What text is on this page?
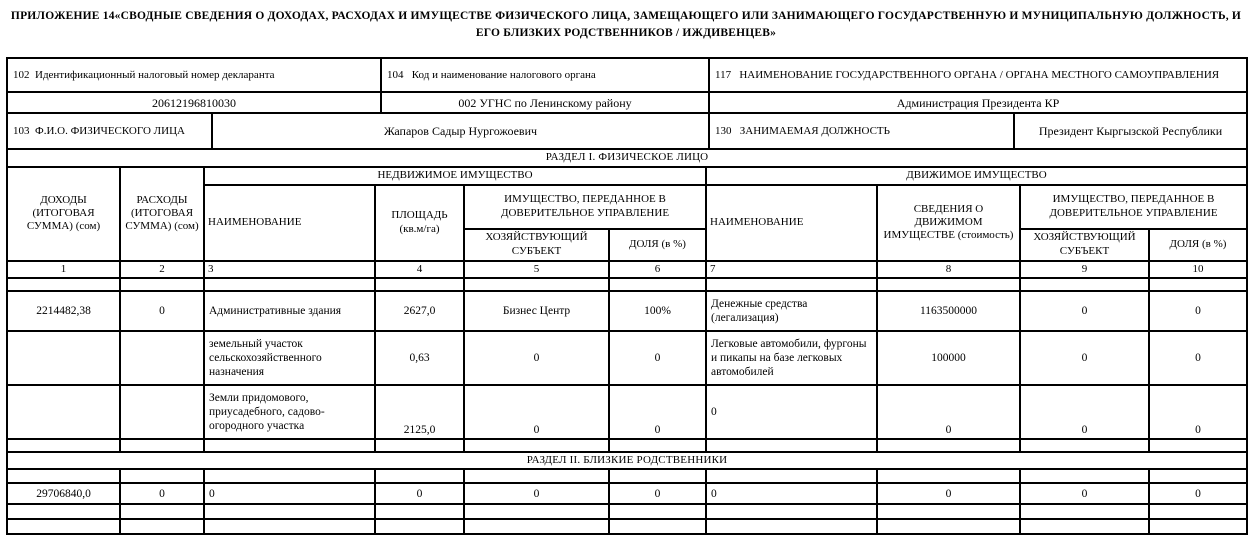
ПРИЛОЖЕНИЕ 14«СВОДНЫЕ СВЕДЕНИЯ О ДОХОДАХ, РАСХОДАХ И ИМУЩЕСТВЕ ФИЗИЧЕСКОГО ЛИЦА, ЗАМЕЩАЮЩЕГО ИЛИ ЗАНИМАЮЩЕГО ГОСУДАРСТВЕННУЮ И МУНИЦИПАЛЬНУЮ ДОЛЖНОСТЬ, И ЕГО БЛИЗКИХ РОДСТВЕННИКОВ / ИЖДИВЕНЦЕВ»
102  Идентификационный налоговый номер декларанта	104   Код и наименование налогового органа	117   НАИМЕНОВАНИЕ ГОСУДАРСТВЕННОГО ОРГАНА / ОРГАНА МЕСТНОГО САМОУПРАВЛЕНИЯ
20612196810030	002 УГНС по Ленинскому району	Администрация Президента КР
103  Ф.И.О. ФИЗИЧЕСКОГО ЛИЦА	Жапаров Садыр Нургожоевич	130   ЗАНИМАЕМАЯ ДОЛЖНОСТЬ	Президент Кыргызской Республики
РАЗДЕЛ I. ФИЗИЧЕСКОЕ ЛИЦО									
ДОХОДЫ (ИТОГОВАЯ СУММА) (сом)	РАСХОДЫ (ИТОГОВАЯ СУММА) (сом)	НЕДВИЖИМОЕ ИМУЩЕСТВО				ДВИЖИМОЕ ИМУЩЕСТВО			
		НАИМЕНОВАНИЕ	ПЛОЩАДЬ (кв.м/га)	ИМУЩЕСТВО, ПЕРЕДАННОЕ В ДОВЕРИТЕЛЬНОЕ УПРАВЛЕНИЕ		НАИМЕНОВАНИЕ	СВЕДЕНИЯ О ДВИЖИМОМ ИМУЩЕСТВЕ (стоимость)	ИМУЩЕСТВО, ПЕРЕДАННОЕ В ДОВЕРИТЕЛЬНОЕ УПРАВЛЕНИЕ	
				ХОЗЯЙСТВУЮЩИЙ СУБЪЕКТ	ДОЛЯ (в %)			ХОЗЯЙСТВУЮЩИЙ СУБЪЕКТ	ДОЛЯ (в %)
1	2	3	4	5	6	7	8	9	10

2214482,38	0	Административные здания	2627,0	Бизнес Центр	100%	Денежные средства (легализация)	1163500000	0	0
		земельный участок сельскохозяйственного назначения	0,63	0	0	Легковые автомобили, фургоны и пикапы на базе легковых автомобилей	100000	0	0
		Земли придомового, приусадебного, садово-огородного участка	2125,0	0	0	0	0	0	0

РАЗДЕЛ II. БЛИЗКИЕ РОДСТВЕННИКИ									

29706840,0	0	0	0	0	0	0	0	0	0
